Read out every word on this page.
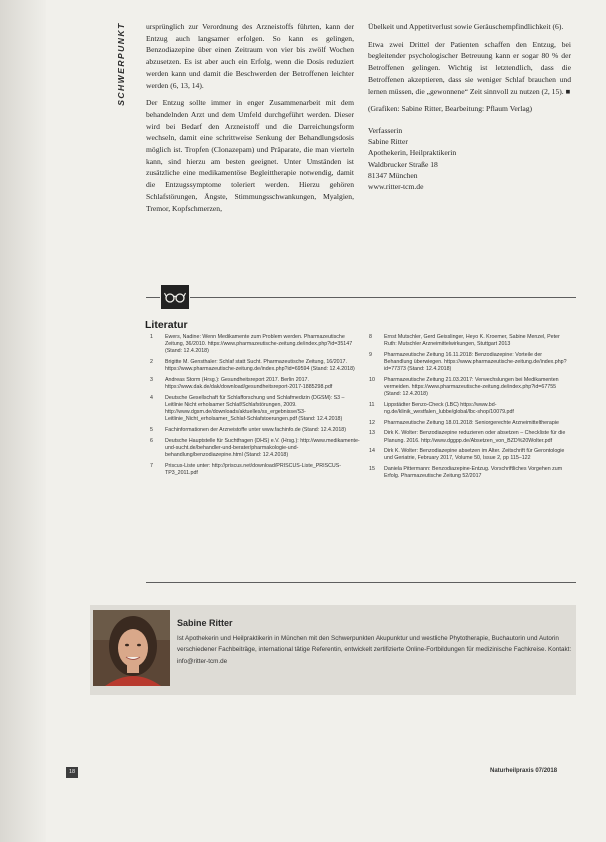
SCHWERPUNKT	ursprünglich zur Verordnung des Arzneistoffs führten, kann der Entzug auch langsamer erfolgen. So kann es gelingen, Benzodiazepine über einen Zeitraum von vier bis zwölf Wochen abzusetzen. Es ist aber auch ein Erfolg, wenn die Dosis reduziert werden kann und damit die Beschwerden der Betroffenen leichter werden (6, 13, 14).

Der Entzug sollte immer in enger Zusammenarbeit mit dem behandelnden Arzt und dem Umfeld durchgeführt werden. Dieser wird bei Bedarf den Arzneistoff und die Darreichungsform wechseln, damit eine schrittweise Senkung der Behandlungsdosis möglich ist. Tropfen (Clonazepam) und Präparate, die man vierteln kann, sind hierzu am besten geeignet. Unter Umständen ist zusätzliche eine medikamentöse Begleittherapie notwendig, damit die Entzugssymptome toleriert werden. Hierzu gehören Schlafstörungen, Ängste, Stimmungsschwankungen, Myalgien, Tremor, Kopfschmerzen,

Übelkeit und Appetitverlust sowie Geräuschempfindlichkeit (6).

Etwa zwei Drittel der Patienten schaffen den Entzug, bei begleitender psychologischer Betreuung kann er sogar 80 % der Betroffenen gelingen. Wichtig ist letztendlich, dass die Betroffenen akzeptieren, dass sie weniger Schlaf brauchen und lernen müssen, die „gewonnene“ Zeit sinnvoll zu nutzen (2, 15). ■

(Grafiken: Sabine Ritter, Bearbeitung: Pflaum Verlag)

Verfasserin
Sabine Ritter
Apothekerin, Heilpraktikerin
Waldbrucker Straße 18
81347 München
www.ritter-tcm.de
Literatur
1 Ewers, Nadine: Wenn Medikamente zum Problem werden. Pharmazeutische Zeitung, 36/2010. https://www.pharmazeutische-zeitung.de/index.php?id=35147 (Stand: 12.4.2018)
2 Brigitte M. Gensthaler: Schlaf statt Sucht. Pharmazeutische Zeitung, 16/2017. https://www.pharmazeutische-zeitung.de/index.php?id=69594 (Stand: 12.4.2018)
3 Andreas Storm (Hrsg.): Gesundheitsreport 2017. Berlin 2017. https://www.dak.de/dak/download/gesundheitsreport-2017-1885298.pdf
4 Deutsche Gesellschaft für Schlafforschung und Schlafmedizin (DGSM): S3 – Leitlinie Nicht erholsamer Schlaf/Schlafstörungen, 2009. http://www.dgsm.de/downloads/aktuelles/ss_ergebnisse/S3-Leitlinie_Nicht_erholsamer_Schlaf-Schlafstoerungen.pdf (Stand: 12.4.2018)
5 Fachinformationen der Arzneistoffe unter www.fachinfo.de (Stand: 12.4.2018)
6 Deutsche Hauptstelle für Suchtfragen (DHS) e.V. (Hrsg.): http://www.medikamente-und-sucht.de/behandler-und-berater/pharmakologie-und-behandlung/benzodiazepine.html (Stand: 12.4.2018)
7 Priscus-Liste unter: http://priscus.net/download/PRISCUS-Liste_PRISCUS-TP3_2011.pdf
8 Ernst Mutschler, Gerd Geisslinger, Heyo K. Kroemer, Sabine Menzel, Peter Ruth: Mutschler Arzneimittelwirkungen, Stuttgart 2013
9 Pharmazeutische Zeitung 16.11.2018: Benzodiazepine: Vorteile der Behandlung überwiegen. https://www.pharmazeutische-zeitung.de/index.php?id=77373 (Stand: 12.4.2018)
10 Pharmazeutische Zeitung 21.03.2017: Verwechslungen bei Medikamenten vermeiden. https://www.pharmazeutische-zeitung.de/index.php?id=67755 (Stand: 12.4.2018)
11 Lippstädter Benzo-Check (LBC) https://www.bd-ng.de/klinik_westfalen_lubbe/global/lbc-shop/10079.pdf
12 Pharmazeutische Zeitung 18.01.2018: Seniorgerechte Arzneimitteltherapie
13 Dirk K. Wolter: Benzodiazepine reduzieren oder absetzen – Checkliste für die Planung. 2016. http://www.dggpp.de/Absetzen_von_BZD%20Wolter.pdf
14 Dirk K. Wolter: Benzodiazepine absetzen im Alter. Zeitschrift für Gerontologie und Geriatrie, February 2017, Volume 50, Issue 2, pp 115–122
15 Daniela Pittermann: Benzodiazepine-Entzug. Vorschriftliches Vorgehen zum Erfolg. Pharmazeutische Zeitung 52/2017
Sabine Ritter

Ist Apothekerin und Heilpraktikerin in München mit den Schwerpunkten Akupunktur und westliche Phytotherapie, Buchautorin und Autorin verschiedener Fachbeiträge, international tätige Referentin, entwickelt zertifizierte Online-Fortbildungen für medizinische Fachkreise. Kontakt: info@ritter-tcm.de

18	Naturheilpraxis 07/2018
